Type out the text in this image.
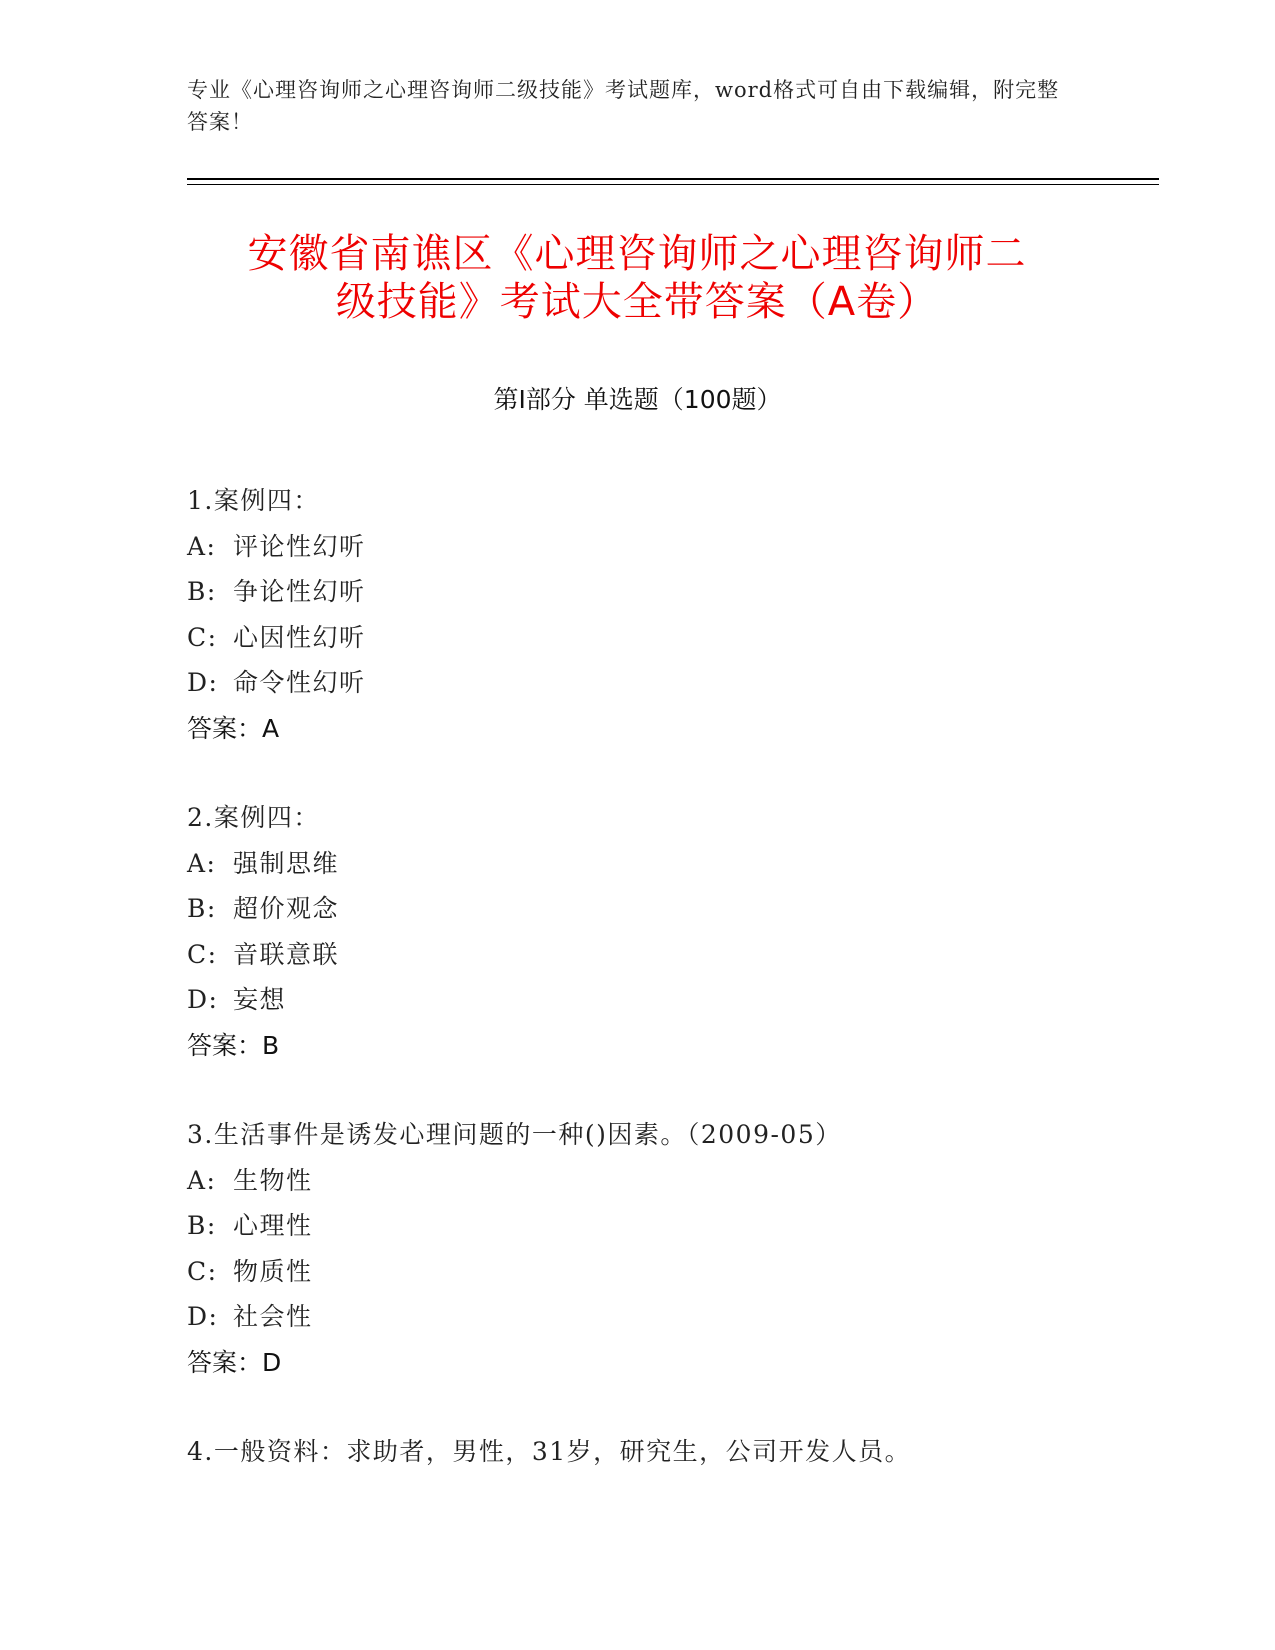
专业《心理咨询师之心理咨询师二级技能》考试题库，word格式可自由下载编辑，附完整答案！
安徽省南谯区《心理咨询师之心理咨询师二
级技能》考试大全带答案（A卷）
第I部分 单选题（100题）
1.案例四：
A: 评论性幻听
B: 争论性幻听
C: 心因性幻听
D: 命令性幻听
答案：A
2.案例四：
A: 强制思维
B: 超价观念
C: 音联意联
D: 妄想
答案：B
3.生活事件是诱发心理问题的一种()因素。（2009-05）
A: 生物性
B: 心理性
C: 物质性
D: 社会性
答案：D
4.一般资料：求助者，男性，31岁，研究生，公司开发人员。
